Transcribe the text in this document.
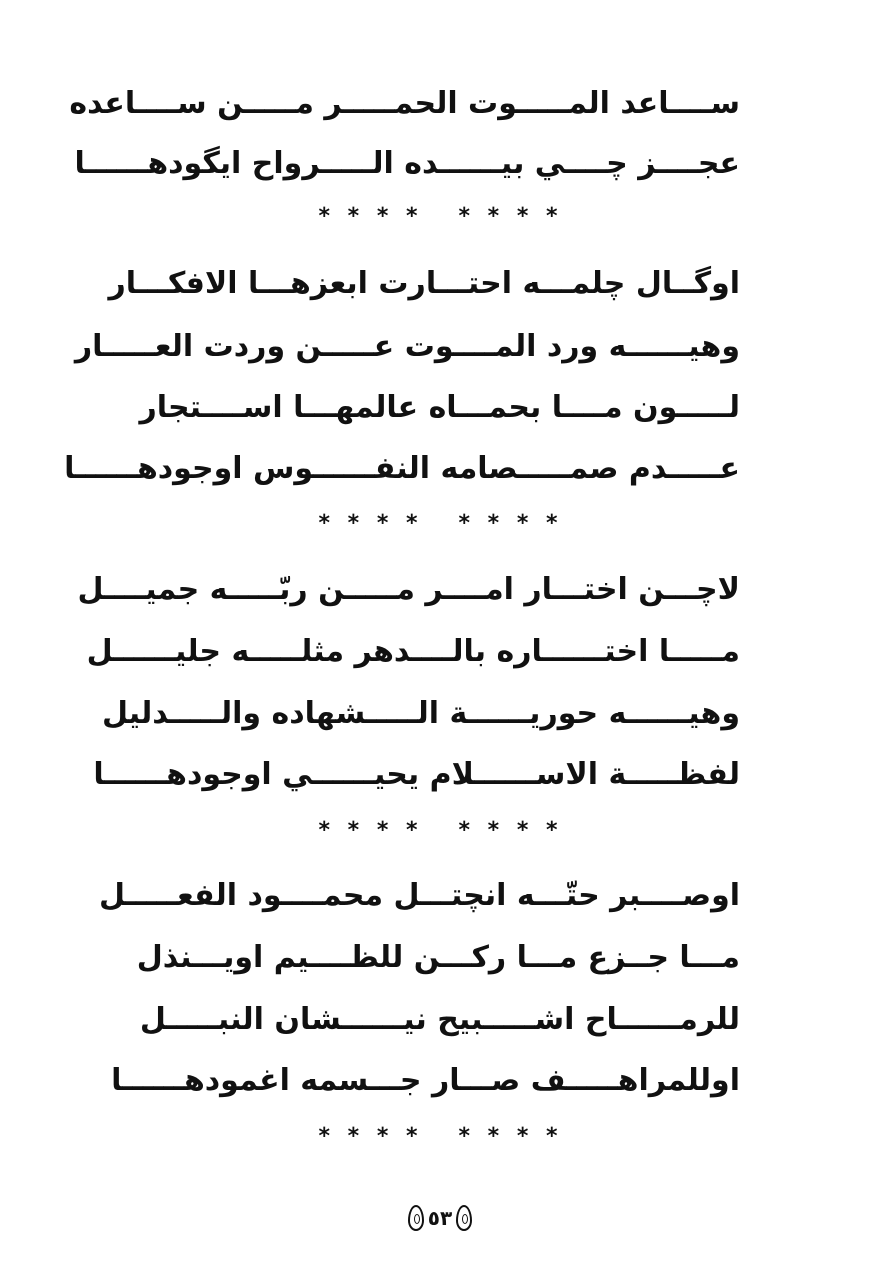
ســــاعد المـــــوت الحمـــــر مـــــن ســــاعده
عجــــز چــــي بيــــــده الـــــرواح ايگودهــــــا
* * * * * * * *
اوگــال چلمـــه احتـــارت ابعزهـــا الافكـــار
وهيــــــه ورد المــــوت عـــــن وردت العـــــار
لـــــون مــــا بحمـــاه عالمهـــا اســــتجار
عـــــدم صمـــــصامه النفــــــوس اوجودهــــــا
* * * * * * * *
لاچـــن اختـــار امــــر مـــــن ربّـــــه جميــــل
مـــــا اختــــــاره بالــــدهر مثلـــــه جليــــــل
وهيــــــه حوريــــــة الـــــشهاده والـــــدليل
لفظـــــة الاســــــلام يحيــــــي اوجودهــــــا
* * * * * * * *
اوصــــبر حتّـــه انچتـــل محمــــود الفعـــــل
مـــا جــزع مـــا ركـــن للظــــيم اويـــنذل
للرمــــــاح اشـــــبيح نيــــــشان النبـــــل
اوللمراهـــــف صـــار جـــسمه اغمودهــــــا
* * * * * * * *
٥٣
